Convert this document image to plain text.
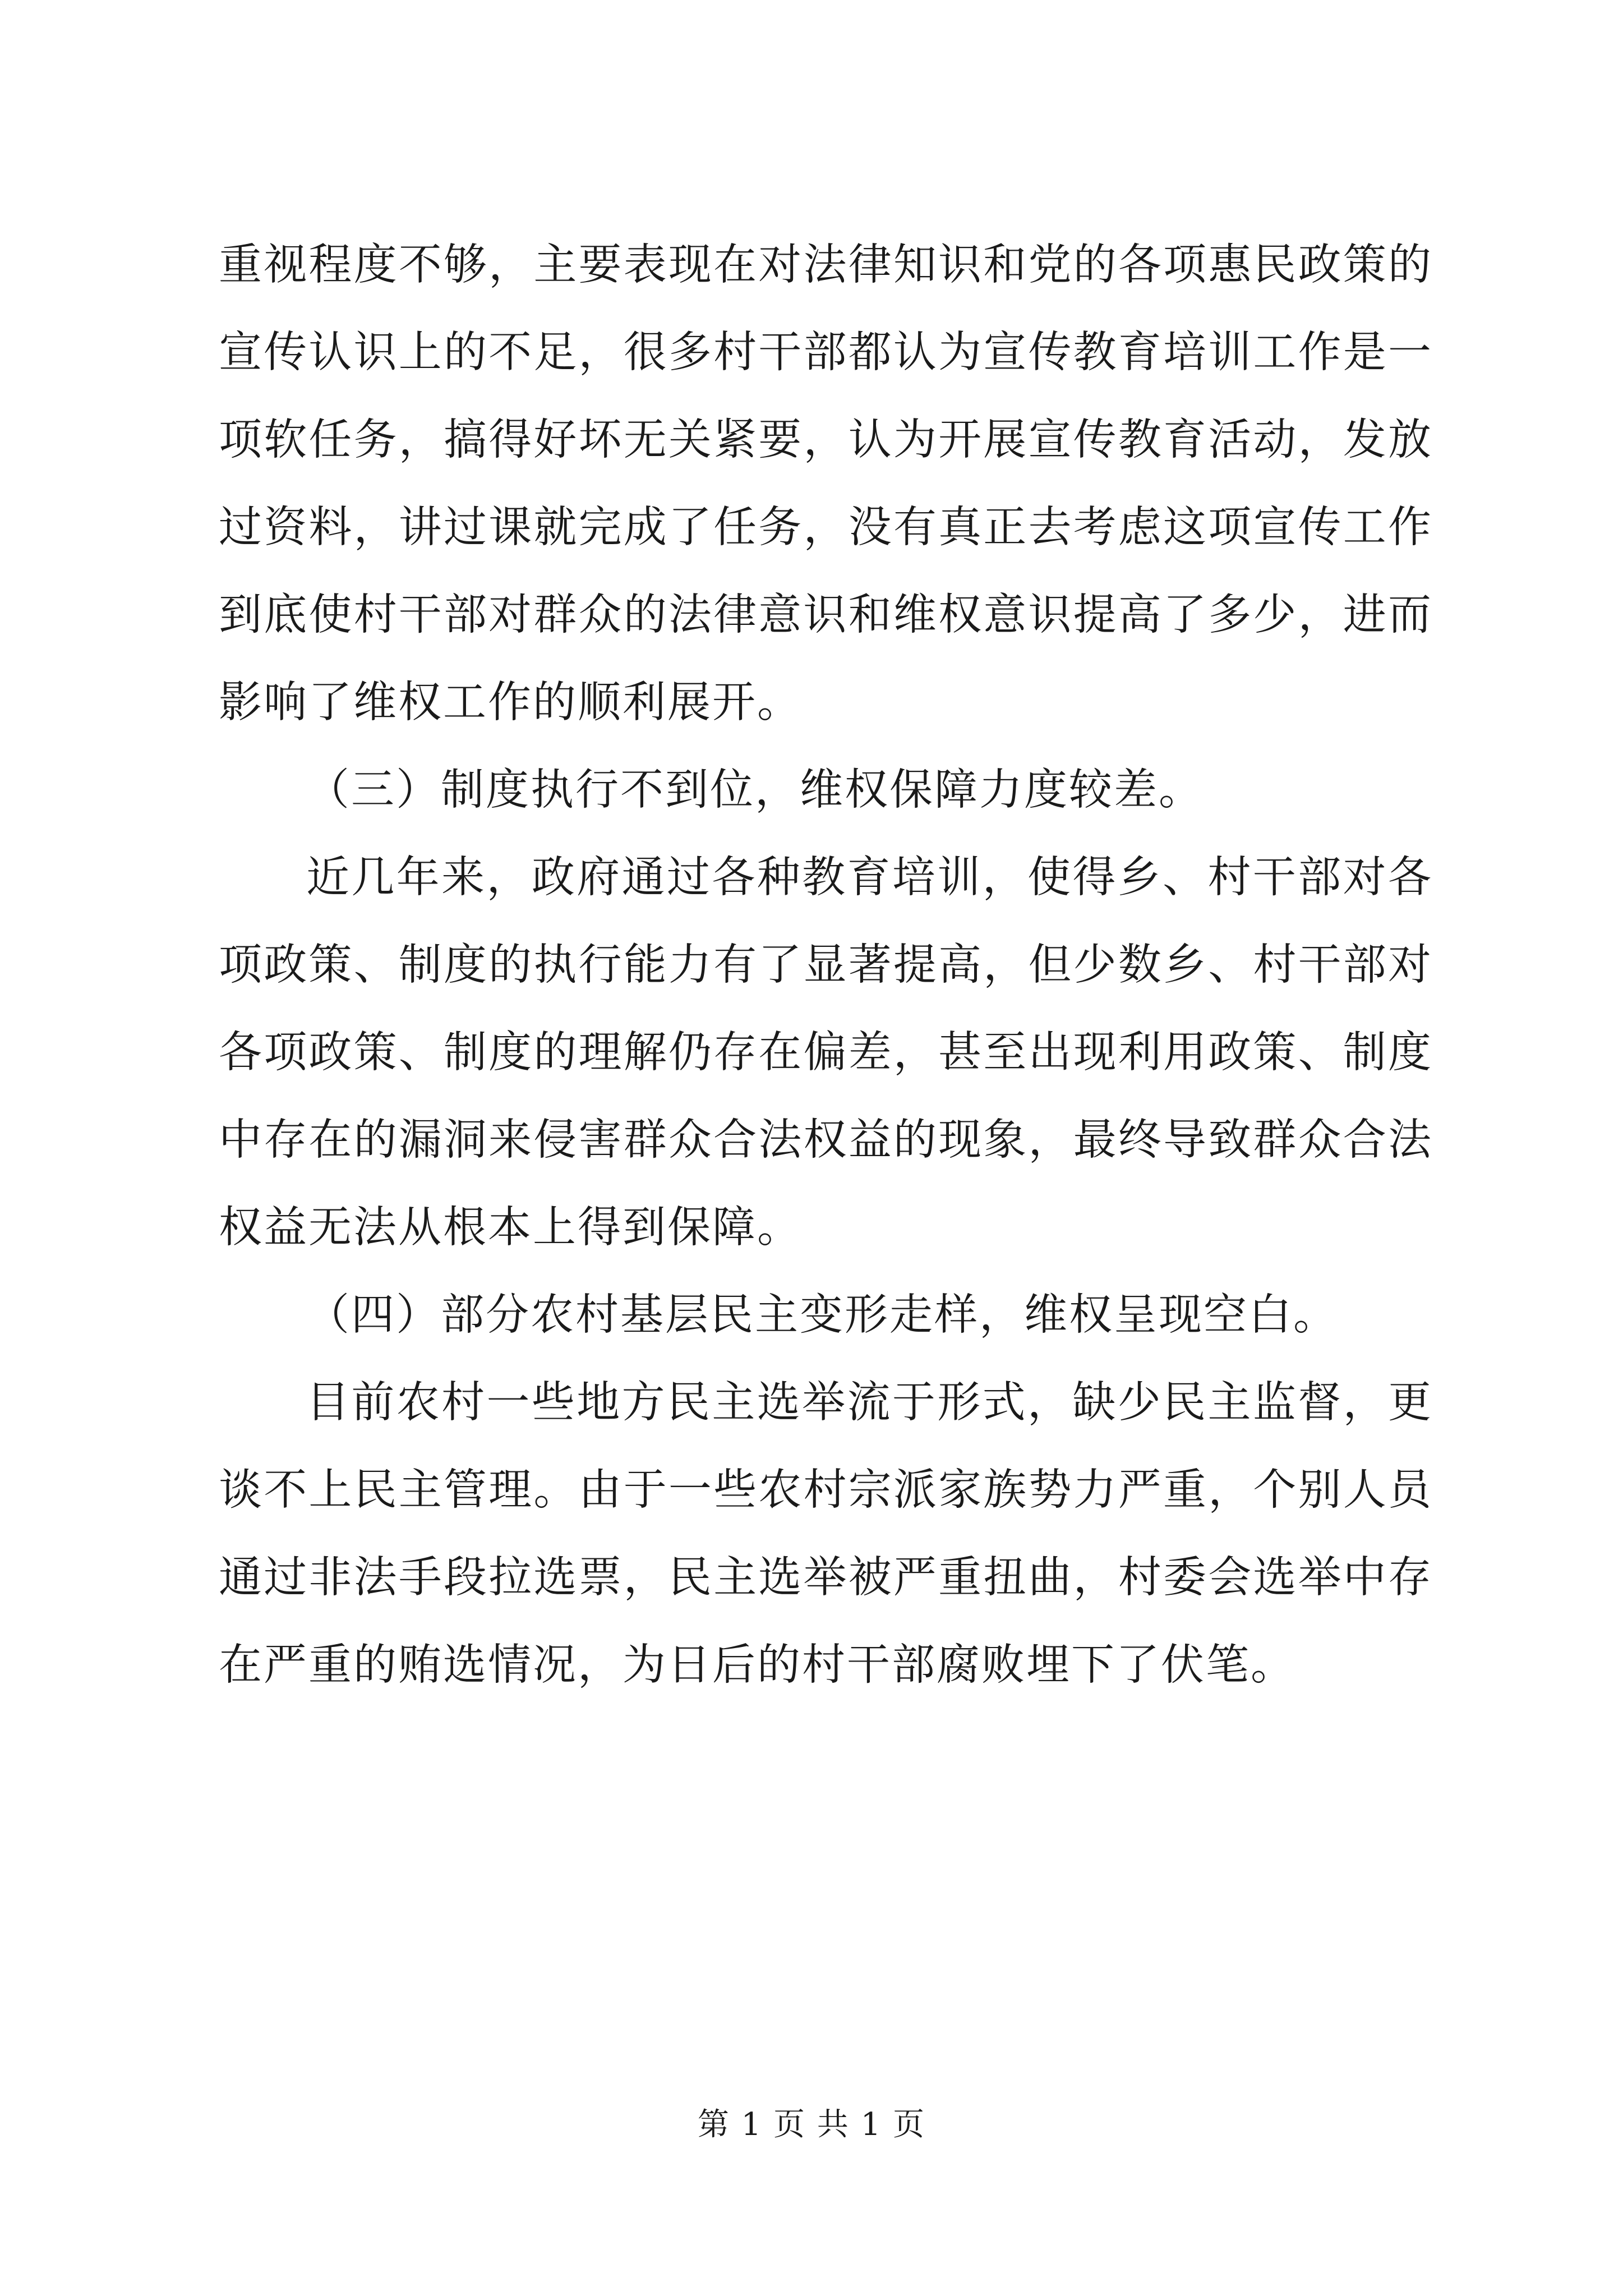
重视程度不够，主要表现在对法律知识和党的各项惠民政策的宣传认识上的不足，很多村干部都认为宣传教育培训工作是一项软任务，搞得好坏无关紧要，认为开展宣传教育活动，发放过资料，讲过课就完成了任务，没有真正去考虑这项宣传工作到底使村干部对群众的法律意识和维权意识提高了多少，进而影响了维权工作的顺利展开。

（三）制度执行不到位，维权保障力度较差。

近几年来，政府通过各种教育培训，使得乡、村干部对各项政策、制度的执行能力有了显著提高，但少数乡、村干部对各项政策、制度的理解仍存在偏差，甚至出现利用政策、制度中存在的漏洞来侵害群众合法权益的现象，最终导致群众合法权益无法从根本上得到保障。

（四）部分农村基层民主变形走样，维权呈现空白。

目前农村一些地方民主选举流于形式，缺少民主监督，更谈不上民主管理。由于一些农村宗派家族势力严重，个别人员通过非法手段拉选票，民主选举被严重扭曲，村委会选举中存在严重的贿选情况，为日后的村干部腐败埋下了伏笔。

第 1 页 共 1 页
